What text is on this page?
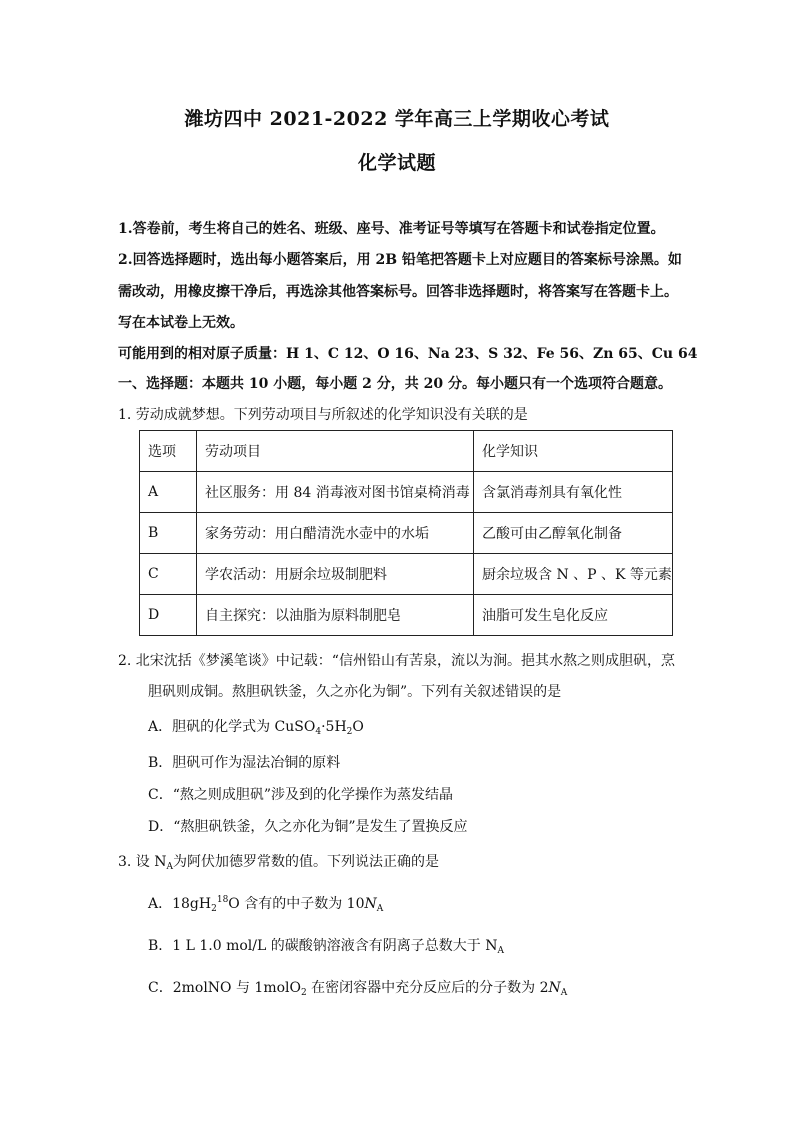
潍坊四中 2021-2022 学年高三上学期收心考试
化学试题
1.答卷前，考生将自己的姓名、班级、座号、准考证号等填写在答题卡和试卷指定位置。
2.回答选择题时，选出每小题答案后，用 2B 铅笔把答题卡上对应题目的答案标号涂黑。如
需改动，用橡皮擦干净后，再选涂其他答案标号。回答非选择题时，将答案写在答题卡上。
写在本试卷上无效。
可能用到的相对原子质量：H 1、C 12、O 16、Na 23、S 32、Fe 56、Zn 65、Cu 64
一、选择题：本题共 10 小题，每小题 2 分，共 20 分。每小题只有一个选项符合题意。
1. 劳动成就梦想。下列劳动项目与所叙述的化学知识没有关联的是
选项	劳动项目	化学知识
A	社区服务：用 84 消毒液对图书馆桌椅消毒	含氯消毒剂具有氧化性
B	家务劳动：用白醋清洗水壶中的水垢	乙酸可由乙醇氧化制备
C	学农活动：用厨余垃圾制肥料	厨余垃圾含 N 、P 、K 等元素
D	自主探究：以油脂为原料制肥皂	油脂可发生皂化反应
2. 北宋沈括《梦溪笔谈》中记载：“信州铅山有苦泉，流以为涧。挹其水熬之则成胆矾，烹
胆矾则成铜。熬胆矾铁釜，久之亦化为铜”。下列有关叙述错误的是
A．胆矾的化学式为 $CuSO_4\cdot 5H_2O$
B．胆矾可作为湿法冶铜的原料
C．“熬之则成胆矾”涉及到的化学操作为蒸发结晶
D．“熬胆矾铁釜，久之亦化为铜”是发生了置换反应
3. 设 $N_A$为阿伏加德罗常数的值。下列说法正确的是
A．$18gH_2^{18}O$ 含有的中子数为 $10N_A$
B．1 L 1.0 mol/L 的碳酸钠溶液含有阴离子总数大于 $N_A$
C．2molNO 与 1molO$_2$ 在密闭容器中充分反应后的分子数为 $2N_A$
